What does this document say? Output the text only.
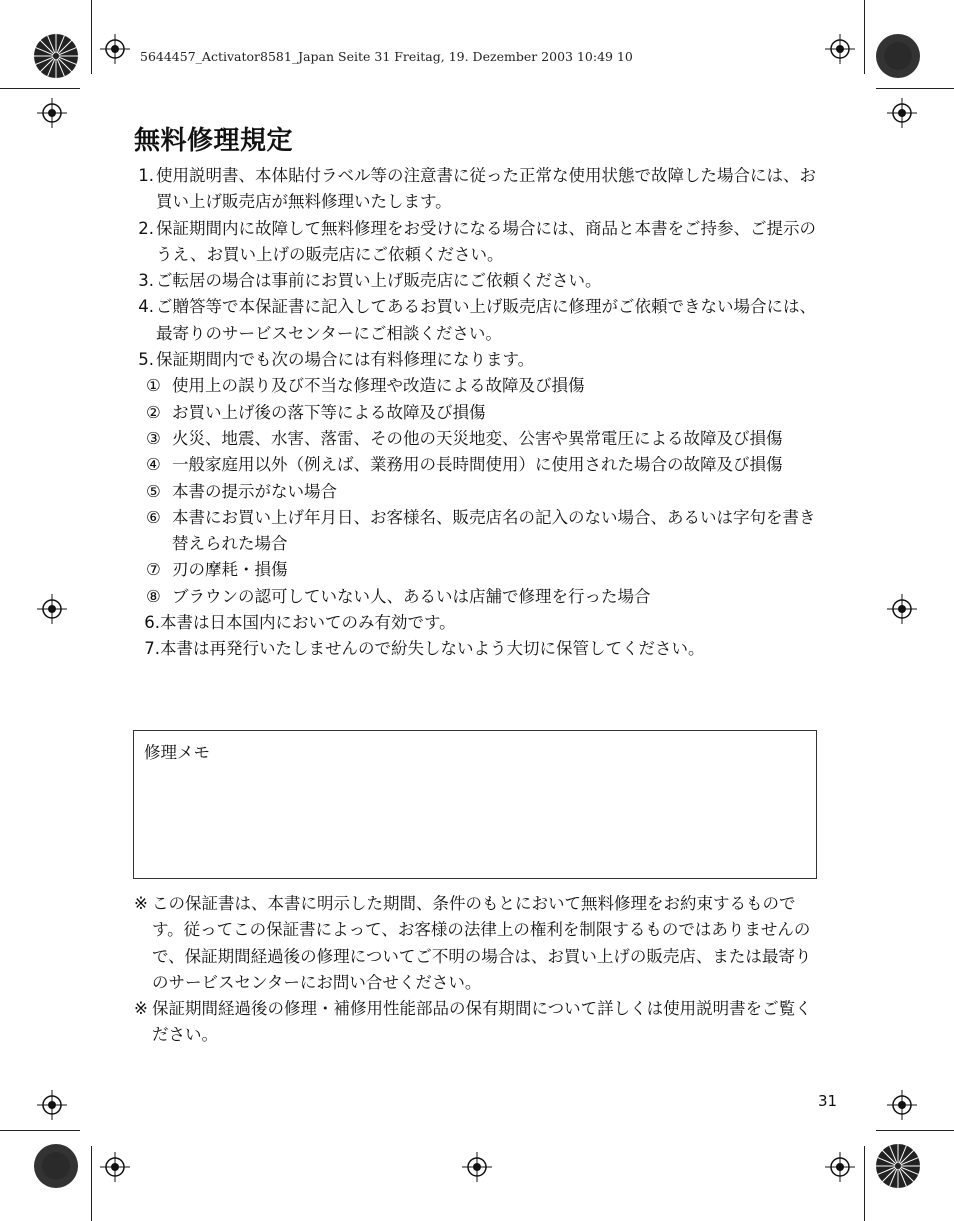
5644457_Activator8581_Japan Seite 31 Freitag, 19. Dezember 2003 10:49 10
無料修理規定
1. 使用説明書、本体貼付ラベル等の注意書に従った正常な使用状態で故障した場合には、お買い上げ販売店が無料修理いたします。
2. 保証期間内に故障して無料修理をお受けになる場合には、商品と本書をご持参、ご提示のうえ、お買い上げの販売店にご依頼ください。
3. ご転居の場合は事前にお買い上げ販売店にご依頼ください。
4. ご贈答等で本保証書に記入してあるお買い上げ販売店に修理がご依頼できない場合には、最寄りのサービスセンターにご相談ください。
5. 保証期間内でも次の場合には有料修理になります。
① 使用上の誤り及び不当な修理や改造による故障及び損傷
② お買い上げ後の落下等による故障及び損傷
③ 火災、地震、水害、落雷、その他の天災地変、公害や異常電圧による故障及び損傷
④ 一般家庭用以外（例えば、業務用の長時間使用）に使用された場合の故障及び損傷
⑤ 本書の提示がない場合
⑥ 本書にお買い上げ年月日、お客様名、販売店名の記入のない場合、あるいは字句を書き替えられた場合
⑦ 刃の摩耗・損傷
⑧ ブラウンの認可していない人、あるいは店舗で修理を行った場合
6. 本書は日本国内においてのみ有効です。
7. 本書は再発行いたしませんので紛失しないよう大切に保管してください。
修理メモ
※ この保証書は、本書に明示した期間、条件のもとにおいて無料修理をお約束するものです。従ってこの保証書によって、お客様の法律上の権利を制限するものではありませんので、保証期間経過後の修理についてご不明の場合は、お買い上げの販売店、または最寄りのサービスセンターにお問い合せください。
※ 保証期間経過後の修理・補修用性能部品の保有期間について詳しくは使用説明書をご覧ください。
31
